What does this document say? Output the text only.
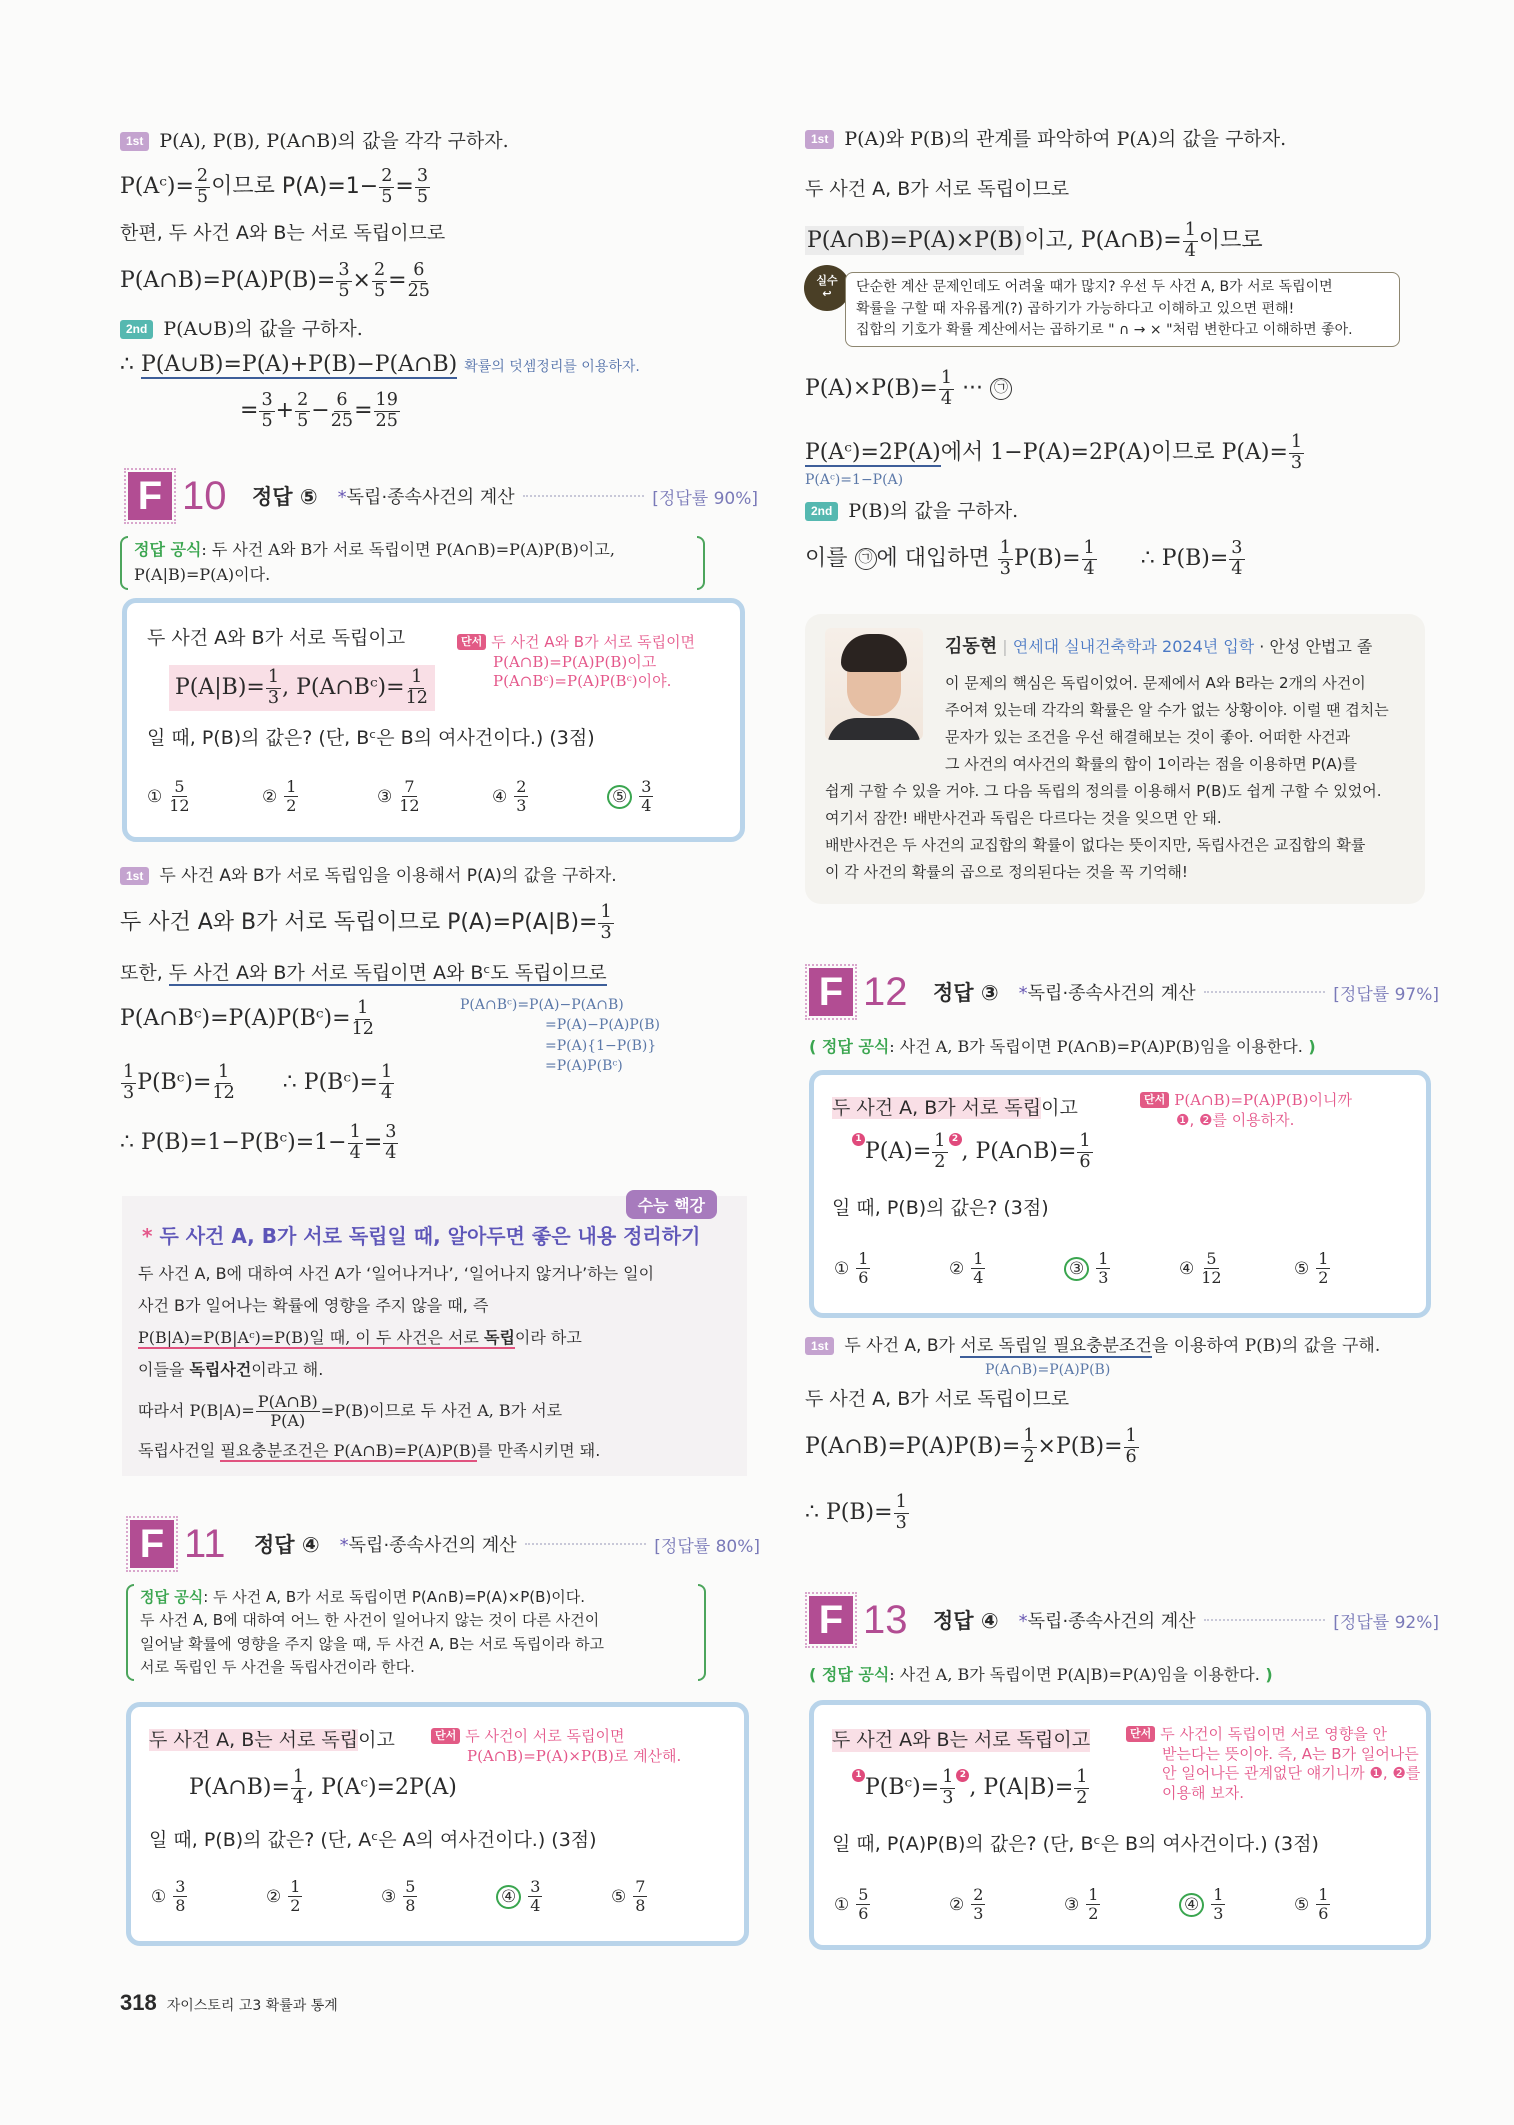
1st P(A), P(B), P(A∩B)의 값을 각각 구하자.
P(Aᶜ)= $\frac{2}{5}$ 이므로 $P(A)=1- \frac{2}{5} = \frac{3}{5}$
한편, 두 사건 A와 B는 서로 독립이므로
P(A∩B)=P(A)P(B)= $\frac{3}{5} \times \frac{2}{5} = \frac{6}{25}$
2nd P(A∪B)의 값을 구하자.
∴ P(A∪B)=P(A)+P(B)−P(A∩B) 확률의 덧셈정리를 이용하자.
= $\frac{3}{5} + \frac{2}{5} - \frac{6}{25} = \frac{19}{25}$
F 10	정답 ⑤ *독립·종속사건의 계산	[정답률 90%]
정답 공식: 두 사건 A와 B가 서로 독립이면 P(A∩B)=P(A)P(B)이고,
P(A|B)=P(A)이다.
두 사건 A와 B가 서로 독립이고
$P(A|B)= \frac{1}{3}$ , P(A∩Bᶜ)= $\frac{1}{12}$
단서 두 사건 A와 B가 서로 독립이면
P(A∩B)=P(A)P(B)이고
P(A∩Bᶜ)=P(A)P(Bᶜ)이야.
일 때, P(B)의 값은? (단, Bᶜ은 B의 여사건이다.) (3점)
① $\frac{5}{12}$	② $\frac{1}{2}$	③ $\frac{7}{12}$	④ $\frac{2}{3}$	⑤ $\frac{3}{4}$
1st 두 사건 A와 B가 서로 독립임을 이용해서 P(A)의 값을 구하자.
두 사건 A와 B가 서로 독립이므로 $P(A)=P(A|B)= \frac{1}{3}$
또한, 두 사건 A와 B가 서로 독립이면 A와 Bᶜ도 독립이므로
P(A∩Bᶜ)=P(A)P(Bᶜ)= $\frac{1}{12}$	P(A∩Bᶜ)=P(A)−P(A∩B)
=P(A)−P(A)P(B)
=P(A){1−P(B)}
=P(A)P(Bᶜ)
$\frac{1}{3}$ P(Bᶜ)= $\frac{1}{12}$ ∴ P(Bᶜ)= $\frac{1}{4}$
∴ P(B)=1−P(Bᶜ)=1− $\frac{1}{4} = \frac{3}{4}$
수능 핵강
* 두 사건 A, B가 서로 독립일 때, 알아두면 좋은 내용 정리하기
두 사건 A, B에 대하여 사건 A가 ‘일어나거나’, ‘일어나지 않거나’하는 일이
사건 B가 일어나는 확률에 영향을 주지 않을 때, 즉
P(B|A)=P(B|Aᶜ)=P(B)일 때, 이 두 사건은 서로 독립이라 하고
이들을 독립사건이라고 해.
따라서 $P(B|A)= \frac{P(A\cap B)}{P(A)} =P(B)$이므로 두 사건 A, B가 서로
독립사건일 필요충분조건은 P(A∩B)=P(A)P(B)를 만족시키면 돼.
F 11	정답 ④ *독립·종속사건의 계산	[정답률 80%]
정답 공식: 두 사건 A, B가 서로 독립이면 P(A∩B)=P(A)×P(B)이다.
두 사건 A, B에 대하여 어느 한 사건이 일어나지 않는 것이 다른 사건이
일어날 확률에 영향을 주지 않을 때, 두 사건 A, B는 서로 독립이라 하고
서로 독립인 두 사건을 독립사건이라 한다.
두 사건 A, B는 서로 독립이고	단서 두 사건이 서로 독립이면
P(A∩B)=P(A)×P(B)로 계산해.
P(A∩B)= $\frac{1}{4}$ , P(Aᶜ)=2P(A)
일 때, P(B)의 값은? (단, Aᶜ은 A의 여사건이다.) (3점)
① $\frac{3}{8}$	② $\frac{1}{2}$	③ $\frac{5}{8}$	④ $\frac{3}{4}$	⑤ $\frac{7}{8}$
1st P(A)와 P(B)의 관계를 파악하여 P(A)의 값을 구하자.
두 사건 A, B가 서로 독립이므로
P(A∩B)=P(A)×P(B)이고, P(A∩B)= $\frac{1}{4}$ 이므로
실수
↩	단순한 계산 문제인데도 어려울 때가 많지? 우선 두 사건 A, B가 서로 독립이면
확률을 구할 때 자유롭게(?) 곱하기가 가능하다고 이해하고 있으면 편해!
집합의 기호가 확률 계산에서는 곱하기로 " ∩ → × "처럼 변한다고 이해하면 좋아.
$P(A)\times P(B)= \frac{1}{4}$ ··· ㉠
P(Aᶜ)=2P(A)에서 1−P(A)=2P(A)이므로 $P(A)= \frac{1}{3}$
P(Aᶜ)=1−P(A)
2nd P(B)의 값을 구하자.
이를 ㉠ 에 대입하면 $\frac{1}{3} P(B)= \frac{1}{4}$ ∴ $P(B)= \frac{3}{4}$
김동현 | 연세대 실내건축학과 2024년 입학 · 안성 안법고 졸
이 문제의 핵심은 독립이었어. 문제에서 A와 B라는 2개의 사건이
주어져 있는데 각각의 확률은 알 수가 없는 상황이야. 이럴 땐 겹치는
문자가 있는 조건을 우선 해결해보는 것이 좋아. 어떠한 사건과
그 사건의 여사건의 확률의 합이 1이라는 점을 이용하면 P(A)를
쉽게 구할 수 있을 거야. 그 다음 독립의 정의를 이용해서 P(B)도 쉽게 구할 수 있었어.
여기서 잠깐! 배반사건과 독립은 다르다는 것을 잊으면 안 돼.
배반사건은 두 사건의 교집합의 확률이 없다는 뜻이지만, 독립사건은 교집합의 확률
이 각 사건의 확률의 곱으로 정의된다는 것을 꼭 기억해!
F 12	정답 ③ *독립·종속사건의 계산	[정답률 97%]
( 정답 공식: 사건 A, B가 독립이면 P(A∩B)=P(A)P(B)임을 이용한다. )
두 사건 A, B가 서로 독립이고	단서 P(A∩B)=P(A)P(B)이니까
❶, ❷를 이용하자.
$1P(A)= \frac{1}{2} 2$, P(A∩B)= $\frac{1}{6}$
일 때, P(B)의 값은? (3점)
① $\frac{1}{6}$	② $\frac{1}{4}$	③ $\frac{1}{3}$	④ $\frac{5}{12}$	⑤ $\frac{1}{2}$
1st 두 사건 A, B가 서로 독립일 필요충분조건을 이용하여 P(B)의 값을 구해.
P(A∩B)=P(A)P(B)
두 사건 A, B가 서로 독립이므로
P(A∩B)=P(A)P(B)= $\frac{1}{2} \times P(B)= \frac{1}{6}$
∴ $P(B)= \frac{1}{3}$
F 13	정답 ④ *독립·종속사건의 계산	[정답률 92%]
( 정답 공식: 사건 A, B가 독립이면 P(A|B)=P(A)임을 이용한다. )
두 사건 A와 B는 서로 독립이고	단서 두 사건이 독립이면 서로 영향을 안
받는다는 뜻이야. 즉, A는 B가 일어나든
안 일어나든 관계없단 얘기니까 ❶, ❷를
이용해 보자.
1P(Bᶜ)= $\frac{1}{3} 2$, $P(A|B)= \frac{1}{2}$
일 때, P(A)P(B)의 값은? (단, Bᶜ은 B의 여사건이다.) (3점)
① $\frac{5}{6}$	② $\frac{2}{3}$	③ $\frac{1}{2}$	④ $\frac{1}{3}$	⑤ $\frac{1}{6}$
318 자이스토리 고3 확률과 통계
